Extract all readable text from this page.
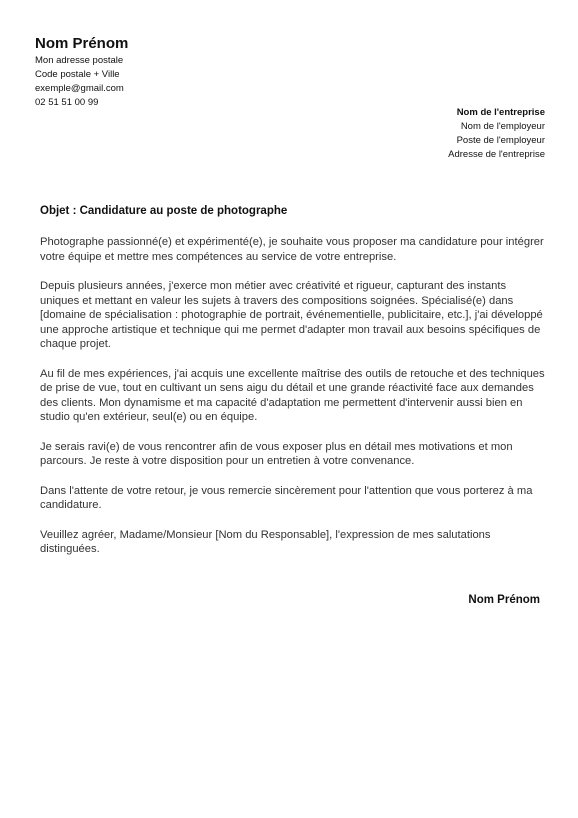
Nom Prénom
Mon adresse postale
Code postale + Ville
exemple@gmail.com
02 51 51 00 99
Nom de l'entreprise
Nom de l'employeur
Poste de l'employeur
Adresse de l'entreprise
Objet : Candidature au poste de photographe

Photographe passionné(e) et expérimenté(e), je souhaite vous proposer ma candidature pour intégrer votre équipe et mettre mes compétences au service de votre entreprise.

Depuis plusieurs années, j'exerce mon métier avec créativité et rigueur, capturant des instants uniques et mettant en valeur les sujets à travers des compositions soignées. Spécialisé(e) dans [domaine de spécialisation : photographie de portrait, événementielle, publicitaire, etc.], j'ai développé une approche artistique et technique qui me permet d'adapter mon travail aux besoins spécifiques de chaque projet.

Au fil de mes expériences, j'ai acquis une excellente maîtrise des outils de retouche et des techniques de prise de vue, tout en cultivant un sens aigu du détail et une grande réactivité face aux demandes des clients. Mon dynamisme et ma capacité d'adaptation me permettent d'intervenir aussi bien en studio qu'en extérieur, seul(e) ou en équipe.

Je serais ravi(e) de vous rencontrer afin de vous exposer plus en détail mes motivations et mon parcours. Je reste à votre disposition pour un entretien à votre convenance.

Dans l'attente de votre retour, je vous remercie sincèrement pour l'attention que vous porterez à ma candidature.

Veuillez agréer, Madame/Monsieur [Nom du Responsable], l'expression de mes salutations distinguées.

Nom Prénom
